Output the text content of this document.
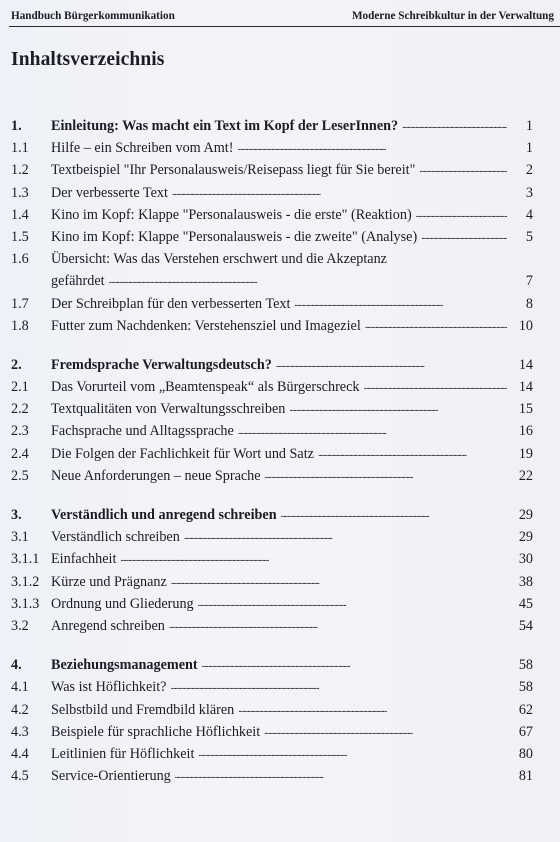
Handbuch Bürgerkommunikation	Moderne Schreibkultur in der Verwaltung
Inhaltsverzeichnis
1.	Einleitung: Was macht ein Text im Kopf der LeserInnen? . . .	1
1.1	Hilfe – ein Schreiben vom Amt! . . .	1
1.2	Textbeispiel "Ihr Personalausweis/Reisepass liegt für Sie bereit" . . .	2
1.3	Der verbesserte Text . . .	3
1.4	Kino im Kopf: Klappe "Personalausweis - die erste" (Reaktion) . . .	4
1.5	Kino im Kopf: Klappe "Personalausweis - die zweite" (Analyse) . . .	5
1.6	Übersicht: Was das Verstehen erschwert und die Akzeptanz
gefährdet . . .	7
1.7	Der Schreibplan für den verbesserten Text . . .	8
1.8	Futter zum Nachdenken: Verstehensziel und Imageziel . . .	10
2.	Fremdsprache Verwaltungsdeutsch? . . .	14
2.1	Das Vorurteil vom „Beamtenspeak“ als Bürgerschreck . . .	14
2.2	Textqualitäten von Verwaltungsschreiben . . .	15
2.3	Fachsprache und Alltagssprache . . .	16
2.4	Die Folgen der Fachlichkeit für Wort und Satz . . .	19
2.5	Neue Anforderungen – neue Sprache . . .	22
3.	Verständlich und anregend schreiben . . .	29
3.1	Verständlich schreiben . . .	29
3.1.1 Einfachheit . . .	30
3.1.2 Kürze und Prägnanz . . .	38
3.1.3 Ordnung und Gliederung . . .	45
3.2	Anregend schreiben . . .	54
4.	Beziehungsmanagement . . .	58
4.1	Was ist Höflichkeit? . . .	58
4.2	Selbstbild und Fremdbild klären . . .	62
4.3	Beispiele für sprachliche Höflichkeit . . .	67
4.4	Leitlinien für Höflichkeit . . .	80
4.5	Service-Orientierung . . .	81
